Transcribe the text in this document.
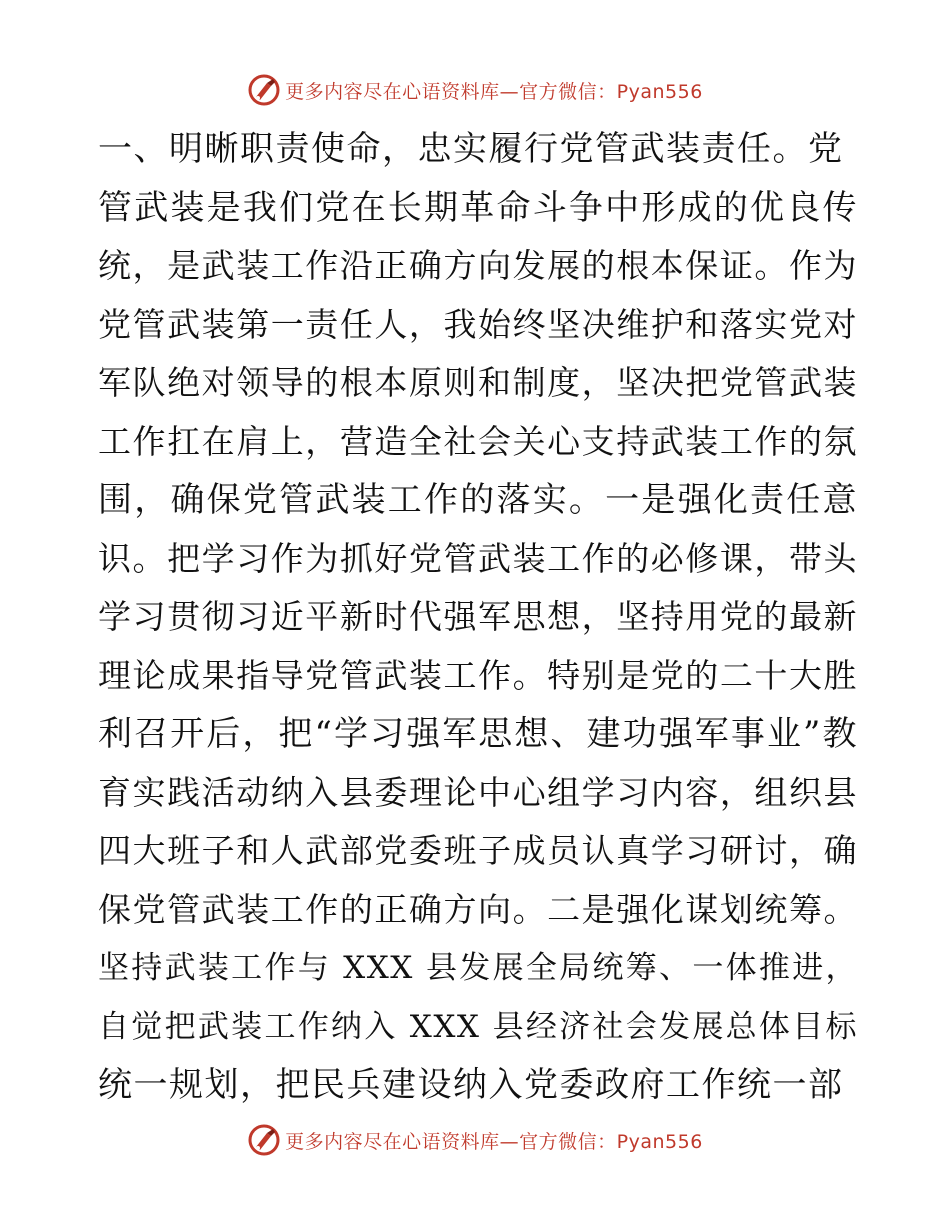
更多内容尽在心语资料库—官方微信：Pyan556
一、明晰职责使命，忠实履行党管武装责任。党
管武装是我们党在长期革命斗争中形成的优良传
统，是武装工作沿正确方向发展的根本保证。作为
党管武装第一责任人，我始终坚决维护和落实党对
军队绝对领导的根本原则和制度，坚决把党管武装
工作扛在肩上，营造全社会关心支持武装工作的氛
围，确保党管武装工作的落实。一是强化责任意
识。把学习作为抓好党管武装工作的必修课，带头
学习贯彻习近平新时代强军思想，坚持用党的最新
理论成果指导党管武装工作。特别是党的二十大胜
利召开后，把“学习强军思想、建功强军事业”教
育实践活动纳入县委理论中心组学习内容，组织县
四大班子和人武部党委班子成员认真学习研讨，确
保党管武装工作的正确方向。二是强化谋划统筹。
坚持武装工作与 XXX 县发展全局统筹、一体推进，
自觉把武装工作纳入 XXX 县经济社会发展总体目标
统一规划，把民兵建设纳入党委政府工作统一部
更多内容尽在心语资料库—官方微信：Pyan556
